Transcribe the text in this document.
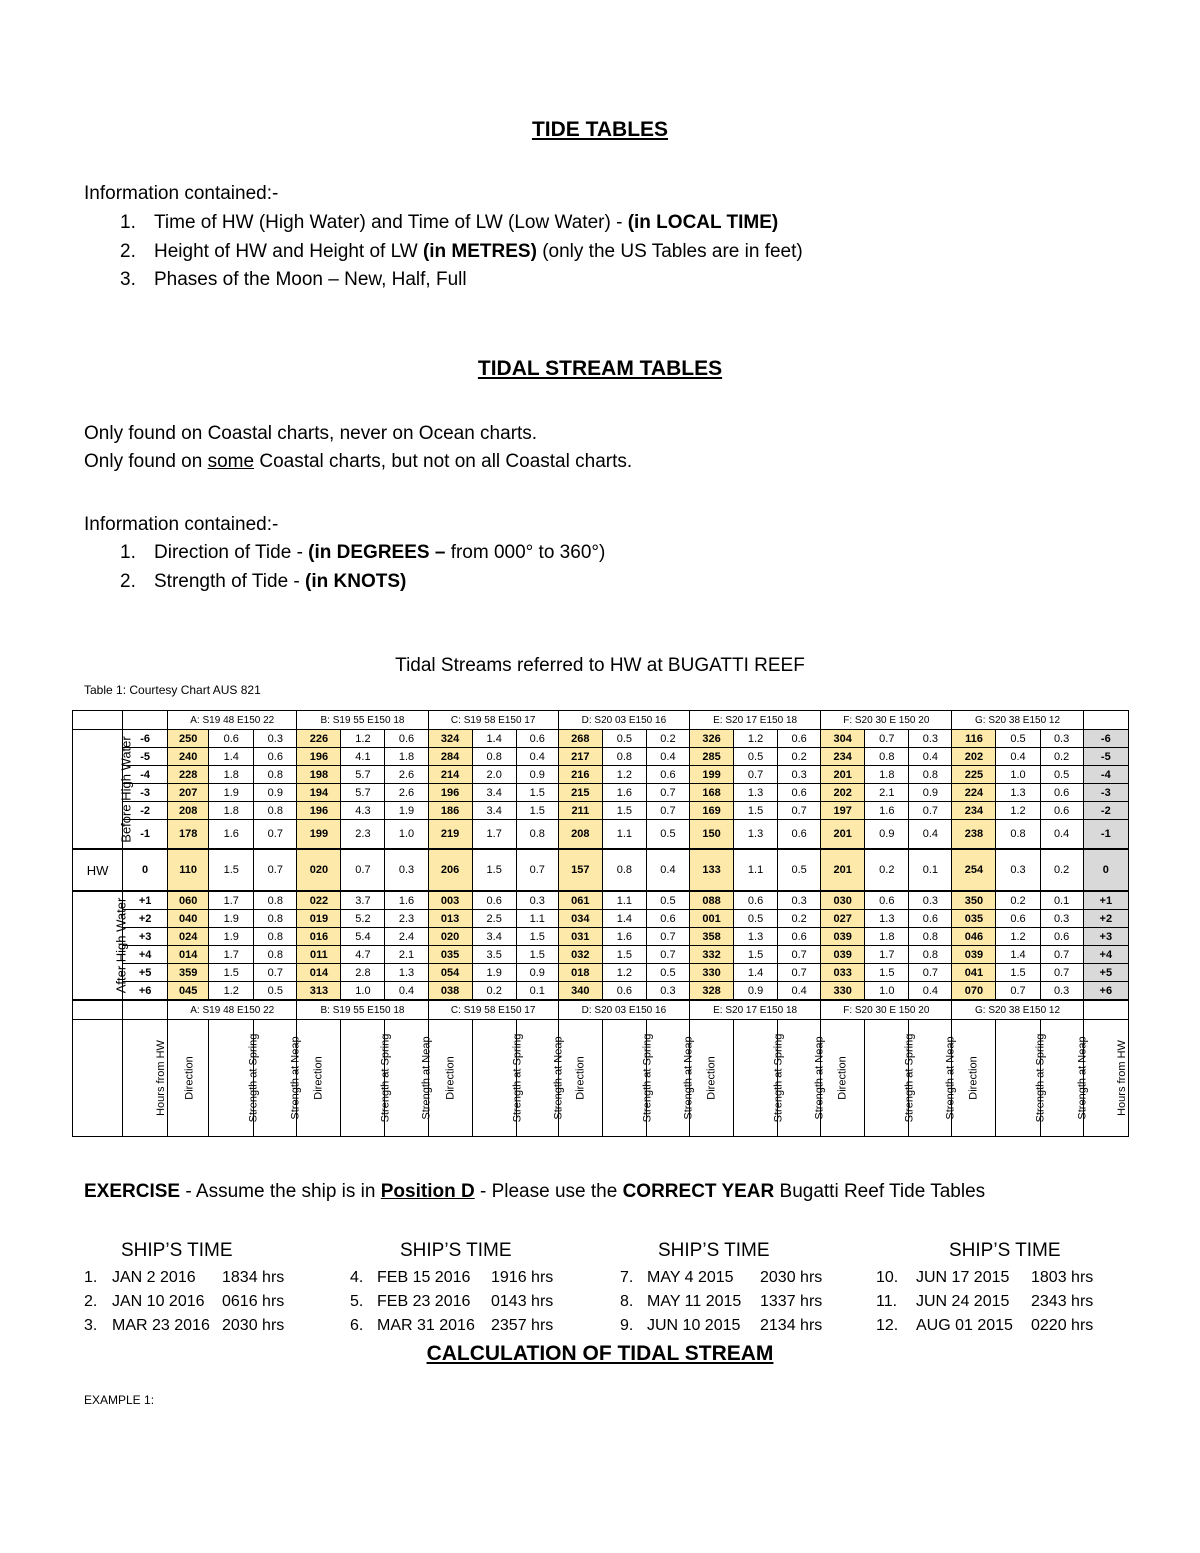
TIDE TABLES
Information contained:-
1. Time of HW (High Water) and Time of LW (Low Water) - (in LOCAL TIME)
2. Height of HW and Height of LW (in METRES) (only the US Tables are in feet)
3. Phases of the Moon – New, Half, Full
TIDAL STREAM TABLES
Only found on Coastal charts, never on Ocean charts.
Only found on some Coastal charts, but not on all Coastal charts.
Information contained:-
1. Direction of Tide - (in DEGREES – from 000° to 360°)
2. Strength of Tide - (in KNOTS)
Tidal Streams referred to HW at BUGATTI REEF
Table 1: Courtesy Chart AUS 821
		A: S19 48 E150 22			B: S19 55 E150 18			C: S19 58 E150 17			D: S20 03 E150 16			E: S20 17 E150 18			F: S20 30 E 150 20			G: S20 38 E150 12			
Before High Water	-6	250	0.6	0.3	226	1.2	0.6	324	1.4	0.6	268	0.5	0.2	326	1.2	0.6	304	0.7	0.3	116	0.5	0.3	-6
	-5	240	1.4	0.6	196	4.1	1.8	284	0.8	0.4	217	0.8	0.4	285	0.5	0.2	234	0.8	0.4	202	0.4	0.2	-5
	-4	228	1.8	0.8	198	5.7	2.6	214	2.0	0.9	216	1.2	0.6	199	0.7	0.3	201	1.8	0.8	225	1.0	0.5	-4
	-3	207	1.9	0.9	194	5.7	2.6	196	3.4	1.5	215	1.6	0.7	168	1.3	0.6	202	2.1	0.9	224	1.3	0.6	-3
	-2	208	1.8	0.8	196	4.3	1.9	186	3.4	1.5	211	1.5	0.7	169	1.5	0.7	197	1.6	0.7	234	1.2	0.6	-2
	-1	178	1.6	0.7	199	2.3	1.0	219	1.7	0.8	208	1.1	0.5	150	1.3	0.6	201	0.9	0.4	238	0.8	0.4	-1
HW	0	110	1.5	0.7	020	0.7	0.3	206	1.5	0.7	157	0.8	0.4	133	1.1	0.5	201	0.2	0.1	254	0.3	0.2	0
After High Water	+1	060	1.7	0.8	022	3.7	1.6	003	0.6	0.3	061	1.1	0.5	088	0.6	0.3	030	0.6	0.3	350	0.2	0.1	+1
	+2	040	1.9	0.8	019	5.2	2.3	013	2.5	1.1	034	1.4	0.6	001	0.5	0.2	027	1.3	0.6	035	0.6	0.3	+2
	+3	024	1.9	0.8	016	5.4	2.4	020	3.4	1.5	031	1.6	0.7	358	1.3	0.6	039	1.8	0.8	046	1.2	0.6	+3
	+4	014	1.7	0.8	011	4.7	2.1	035	3.5	1.5	032	1.5	0.7	332	1.5	0.7	039	1.7	0.8	039	1.4	0.7	+4
	+5	359	1.5	0.7	014	2.8	1.3	054	1.9	0.9	018	1.2	0.5	330	1.4	0.7	033	1.5	0.7	041	1.5	0.7	+5
	+6	045	1.2	0.5	313	1.0	0.4	038	0.2	0.1	340	0.6	0.3	328	0.9	0.4	330	1.0	0.4	070	0.7	0.3	+6
		A: S19 48 E150 22			B: S19 55 E150 18			C: S19 58 E150 17			D: S20 03 E150 16			E: S20 17 E150 18			F: S20 30 E 150 20			G: S20 38 E150 12			
	Hours from HW	Direction	Strength at Spring	Strength at Neap	Direction	Strength at Spring	Strength at Neap	Direction	Strength at Spring	Strength at Neap	Direction	Strength at Spring	Strength at Neap	Direction	Strength at Spring	Strength at Neap	Direction	Strength at Spring	Strength at Neap	Direction	Strength at Spring	Strength at Neap	Hours from HW
EXERCISE - Assume the ship is in Position D - Please use the CORRECT YEAR Bugatti Reef Tide Tables
SHIP’S TIME	SHIP’S TIME	SHIP’S TIME	SHIP’S TIME
1. JAN 2 2016 1834 hrs
2. JAN 10 2016 0616 hrs
3. MAR 23 2016 2030 hrs
4. FEB 15 2016 1916 hrs
5. FEB 23 2016 0143 hrs
6. MAR 31 2016 2357 hrs
7. MAY 4 2015 2030 hrs
8. MAY 11 2015 1337 hrs
9. JUN 10 2015 2134 hrs
10. JUN 17 2015 1803 hrs
11. JUN 24 2015 2343 hrs
12. AUG 01 2015 0220 hrs
CALCULATION OF TIDAL STREAM
EXAMPLE 1:
